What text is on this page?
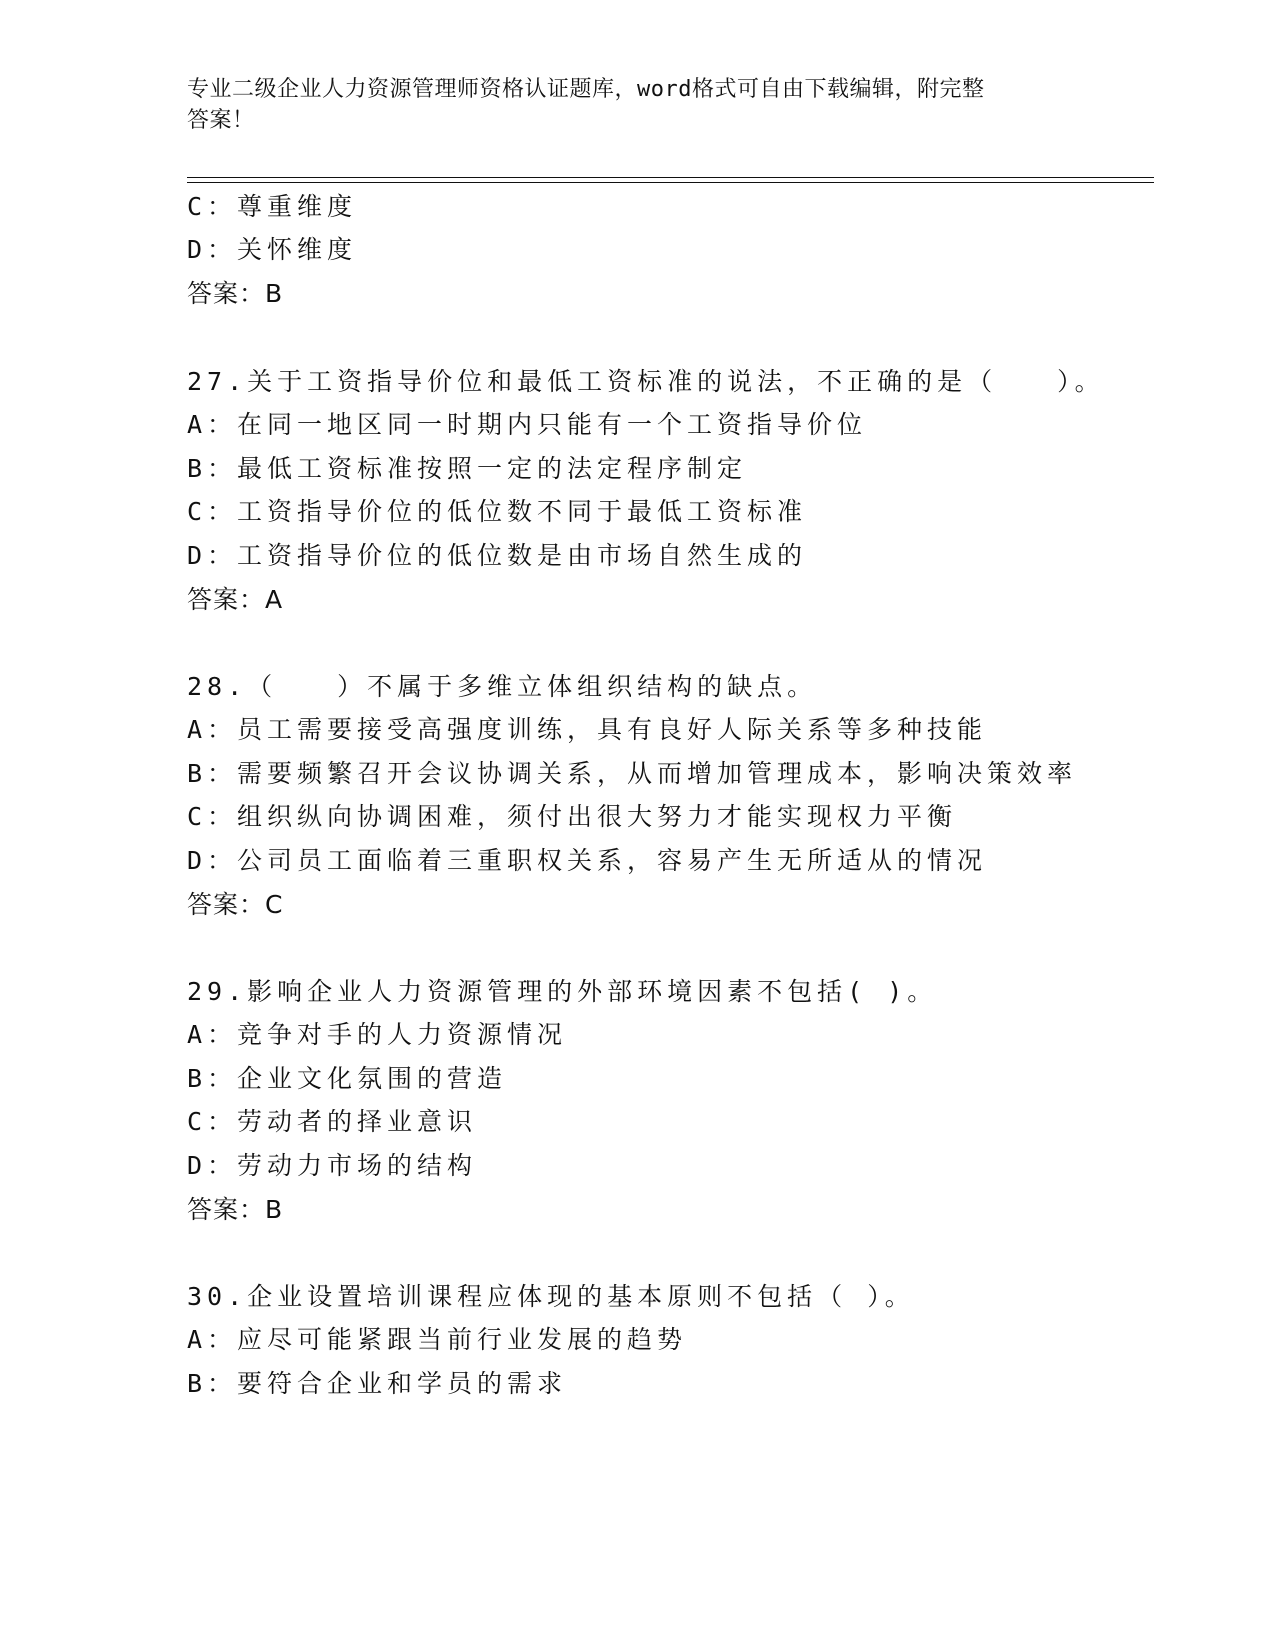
专业二级企业人力资源管理师资格认证题库，word格式可自由下载编辑，附完整
答案！
C：尊重维度
D：关怀维度
答案：B
27.关于工资指导价位和最低工资标准的说法，不正确的是（　　）。
A：在同一地区同一时期内只能有一个工资指导价位
B：最低工资标准按照一定的法定程序制定
C：工资指导价位的低位数不同于最低工资标准
D：工资指导价位的低位数是由市场自然生成的
答案：A
28.（　　）不属于多维立体组织结构的缺点。
A：员工需要接受高强度训练，具有良好人际关系等多种技能
B：需要频繁召开会议协调关系，从而增加管理成本，影响决策效率
C：组织纵向协调困难，须付出很大努力才能实现权力平衡
D：公司员工面临着三重职权关系，容易产生无所适从的情况
答案：C
29.影响企业人力资源管理的外部环境因素不包括( )。
A：竞争对手的人力资源情况
B：企业文化氛围的营造
C：劳动者的择业意识
D：劳动力市场的结构
答案：B
30.企业设置培训课程应体现的基本原则不包括（ ）。
A：应尽可能紧跟当前行业发展的趋势
B：要符合企业和学员的需求
